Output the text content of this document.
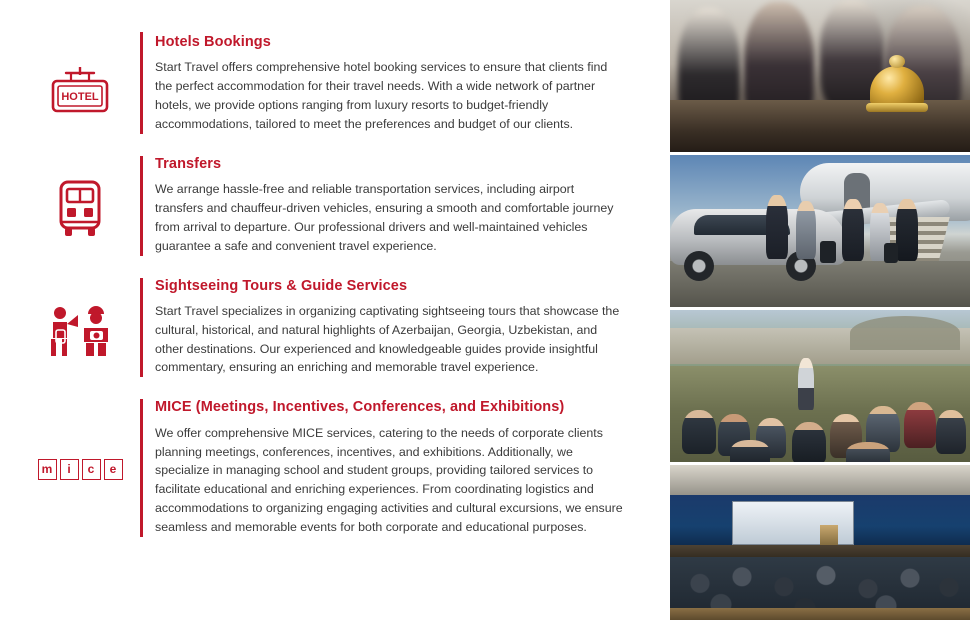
HOTEL
Hotels Bookings

Start Travel offers comprehensive hotel booking services to ensure that clients find the perfect accommodation for their travel needs. With a wide network of partner hotels, we provide options ranging from luxury resorts to budget-friendly accommodations, tailored to meet the preferences and budget of our clients.

Transfers

We arrange hassle-free and reliable transportation services, including airport transfers and chauffeur-driven vehicles, ensuring a smooth and comfortable journey from arrival to departure. Our professional drivers and well-maintained vehicles guarantee a safe and convenient travel experience.

Sightseeing Tours & Guide Services

Start Travel specializes in organizing captivating sightseeing tours that showcase the cultural, historical, and natural highlights of Azerbaijan, Georgia, Uzbekistan, and other destinations. Our experienced and knowledgeable guides provide insightful commentary, ensuring an enriching and memorable travel experience.

m	i	c	e
MICE (Meetings, Incentives, Conferences, and Exhibitions)

We offer comprehensive MICE services, catering to the needs of corporate clients planning meetings, conferences, incentives, and exhibitions. Additionally, we specialize in managing school and student groups, providing tailored services to facilitate educational and enriching experiences. From coordinating logistics and accommodations to organizing engaging activities and cultural excursions, we ensure seamless and memorable events for both corporate and educational purposes.
